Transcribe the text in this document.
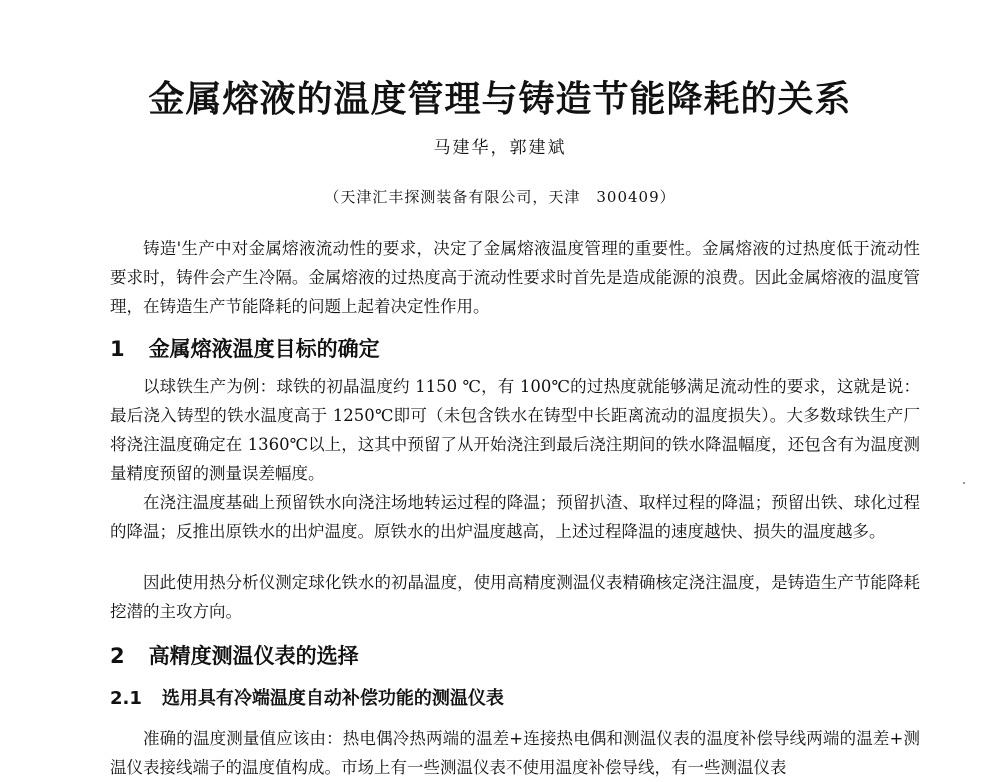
金属熔液的温度管理与铸造节能降耗的关系
马建华，郭建斌
（天津汇丰探测装备有限公司，天津　300409）

铸造'生产中对金属熔液流动性的要求，决定了金属熔液温度管理的重要性。金属熔液的过热度低于流动性要求时，铸件会产生冷隔。金属熔液的过热度高于流动性要求时首先是造成能源的浪费。因此金属熔液的温度管理，在铸造生产节能降耗的问题上起着决定性作用。

1 金属熔液温度目标的确定

以球铁生产为例：球铁的初晶温度约 1150 ℃，有 100℃的过热度就能够满足流动性的要求，这就是说：最后浇入铸型的铁水温度高于 1250℃即可（未包含铁水在铸型中长距离流动的温度损失）。大多数球铁生产厂将浇注温度确定在 1360℃以上，这其中预留了从开始浇注到最后浇注期间的铁水降温幅度，还包含有为温度测量精度预留的测量误差幅度。

在浇注温度基础上预留铁水向浇注场地转运过程的降温；预留扒渣、取样过程的降温；预留出铁、球化过程的降温；反推出原铁水的出炉温度。原铁水的出炉温度越高，上述过程降温的速度越快、损失的温度越多。

因此使用热分析仪测定球化铁水的初晶温度，使用高精度测温仪表精确核定浇注温度，是铸造生产节能降耗挖潜的主攻方向。

2 高精度测温仪表的选择
2.1 选用具有冷端温度自动补偿功能的测温仪表

准确的温度测量值应该由：热电偶冷热两端的温差+连接热电偶和测温仪表的温度补偿导线两端的温差+测温仪表接线端子的温度值构成。市场上有一些测温仪表不使用温度补偿导线，有一些测温仪表
